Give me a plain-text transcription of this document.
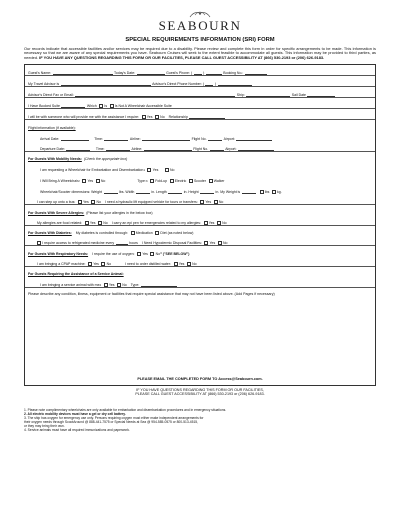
SEABOURN
SPECIAL REQUIREMENTS INFORMATION (SRI) FORM
Our records indicate that accessible facilities and/or services may be required due to a disability. Please review and complete this form in order for specific arrangements to be made. This information is necessary so that we are aware of any special requirements you have. Seabourn Cruises will seek to the extent feasible to accommodate all guests. This information may be provided to third parties, as needed. IF YOU HAVE ANY QUESTIONS REGARDING THIS FORM OR OUR FACILITIES, PLEASE CALL GUEST ACCESSIBILITY AT (866) 530-2193 or (206) 626-9183.
Guest's Name:	Today's Date:	Guest's Phone: (	)	Booking No.:
My Travel Advisor is	Advisor's Direct Phone Number: (	)
Advisor's Direct Fax or Email:	Ship:	Sail Date
I Have Booked Suite	Which Is Is Not A Wheelchair Accessible Suite
I will be with someone who will provide me with the assistance I require: Yes No Relationship
Flight information (if available):
Arrival Date:	Time:	Airline:	Flight No.	Airport:
Departure Date:	Time:	Airline:	Flight No.	Airport:
For Guests With Mobility Needs: (Check the appropriate box)
I am requesting a Wheelchair for Embarkation and Disembarkation 1 Yes	No
I Will Bring A Wheelchair 2 Yes No	Type: 3 Fold-up Electric Scooter Walker
Wheelchair/Scooter dimensions: Weight	lbs. Width	in. Length	in. Height	in. My Weight is	lbs kg.
I can step up onto a bus: Yes No I need a hydraulic lift equipped vehicle for tours or transfers: Yes No
For Guests With Severe Allergies: (Please list your allergies in the below box)
My allergies are food related: Yes No I carry an epi pen for emergencies related to my allergies: Yes No
For Guests With Diabetes: My diabetes is controlled through: Medication Diet (as noted below)
I require access to refrigerated medicine every	hours I Need Hypodermic Disposal Facilities: Yes No
For Guests With Respiratory Needs: I require the use of oxygen: Yes No 3 ("SEE BELOW")
I am bringing a CPAP machine: Yes No	I need to order distilled water: Yes No
For Guests Requiring the Assistance of a Service Animal:
I am bringing a service animal with me 4 Yes No Type:
Please describe any condition, illness, equipment or facilities that require special assistance that may not have been listed above. (Add Pages if necessary)
PLEASE EMAIL THE COMPLETED FORM TO Access@Seabourn.com.
IF YOU HAVE QUESTIONS REGARDING THIS FORM OR OUR FACILITIES,
PLEASE CALL GUEST ACCESSIBILITY AT (866) 530-2193 or (206) 626-9183.
1. Please note complimentary wheelchairs are only available for embarkation and disembarkation procedures and in emergency situations.
2. All electric mobility devices must have a gel or dry cell battery.
3. The ship has oxygen for emergency use only. Persons requiring oxygen must either make independent arrangements for
their oxygen needs through ScootAround @ 888-441-7575 or Special Needs at Sea @ 954-585-0575 or 800-513-4515,
or they may bring their own.
4. Service animals must have all required immunizations and paperwork.
